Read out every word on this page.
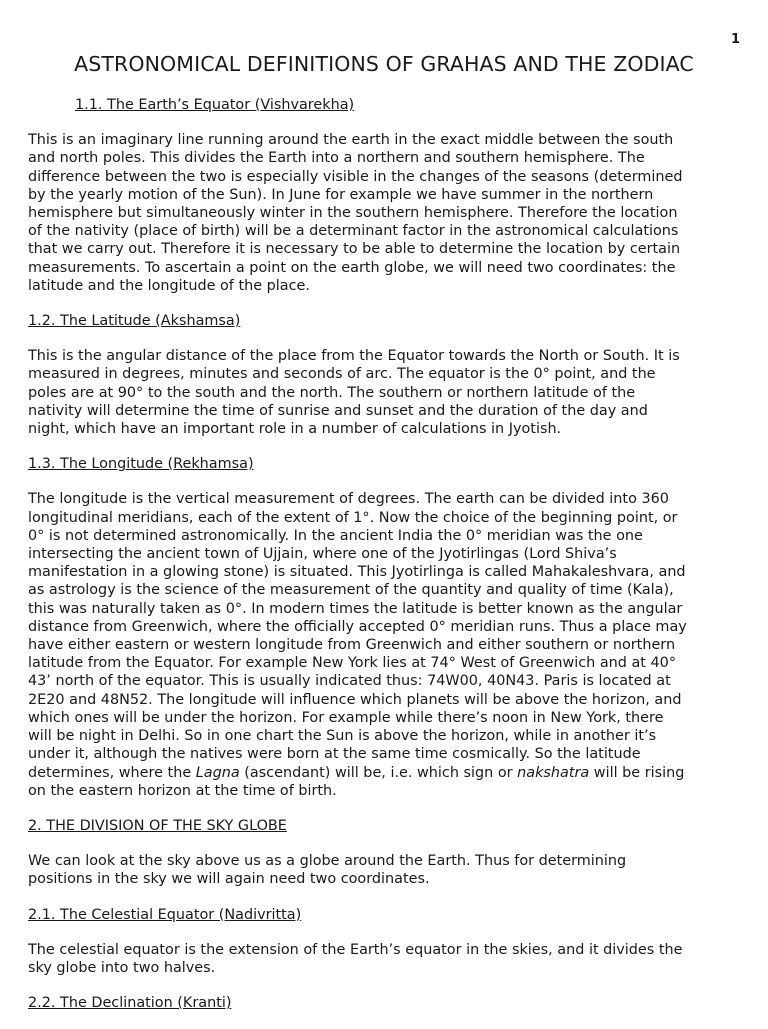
1
ASTRONOMICAL DEFINITIONS OF GRAHAS AND THE ZODIAC
1.1. The Earth’s Equator (Vishvarekha)
This is an imaginary line running around the earth in the exact middle between the south
and north poles. This divides the Earth into a northern and southern hemisphere. The
difference between the two is especially visible in the changes of the seasons (determined
by the yearly motion of the Sun). In June for example we have summer in the northern
hemisphere but simultaneously winter in the southern hemisphere. Therefore the location
of the nativity (place of birth) will be a determinant factor in the astronomical calculations
that we carry out. Therefore it is necessary to be able to determine the location by certain
measurements. To ascertain a point on the earth globe, we will need two coordinates: the
latitude and the longitude of the place.
1.2. The Latitude (Akshamsa)
This is the angular distance of the place from the Equator towards the North or South. It is
measured in degrees, minutes and seconds of arc. The equator is the 0° point, and the
poles are at 90° to the south and the north. The southern or northern latitude of the
nativity will determine the time of sunrise and sunset and the duration of the day and
night, which have an important role in a number of calculations in Jyotish.
1.3. The Longitude (Rekhamsa)
The longitude is the vertical measurement of degrees. The earth can be divided into 360
longitudinal meridians, each of the extent of 1°. Now the choice of the beginning point, or
0° is not determined astronomically. In the ancient India the 0° meridian was the one
intersecting the ancient town of Ujjain, where one of the Jyotirlingas (Lord Shiva’s
manifestation in a glowing stone) is situated. This Jyotirlinga is called Mahakaleshvara, and
as astrology is the science of the measurement of the quantity and quality of time (Kala),
this was naturally taken as 0°. In modern times the latitude is better known as the angular
distance from Greenwich, where the officially accepted 0° meridian runs. Thus a place may
have either eastern or western longitude from Greenwich and either southern or northern
latitude from the Equator. For example New York lies at 74° West of Greenwich and at 40°
43’ north of the equator. This is usually indicated thus: 74W00, 40N43. Paris is located at
2E20 and 48N52. The longitude will influence which planets will be above the horizon, and
which ones will be under the horizon. For example while there’s noon in New York, there
will be night in Delhi. So in one chart the Sun is above the horizon, while in another it’s
under it, although the natives were born at the same time cosmically. So the latitude
determines, where the Lagna (ascendant) will be, i.e. which sign or nakshatra will be rising
on the eastern horizon at the time of birth.
2. THE DIVISION OF THE SKY GLOBE
We can look at the sky above us as a globe around the Earth. Thus for determining
positions in the sky we will again need two coordinates.
2.1. The Celestial Equator (Nadivritta)
The celestial equator is the extension of the Earth’s equator in the skies, and it divides the
sky globe into two halves.
2.2. The Declination (Kranti)
